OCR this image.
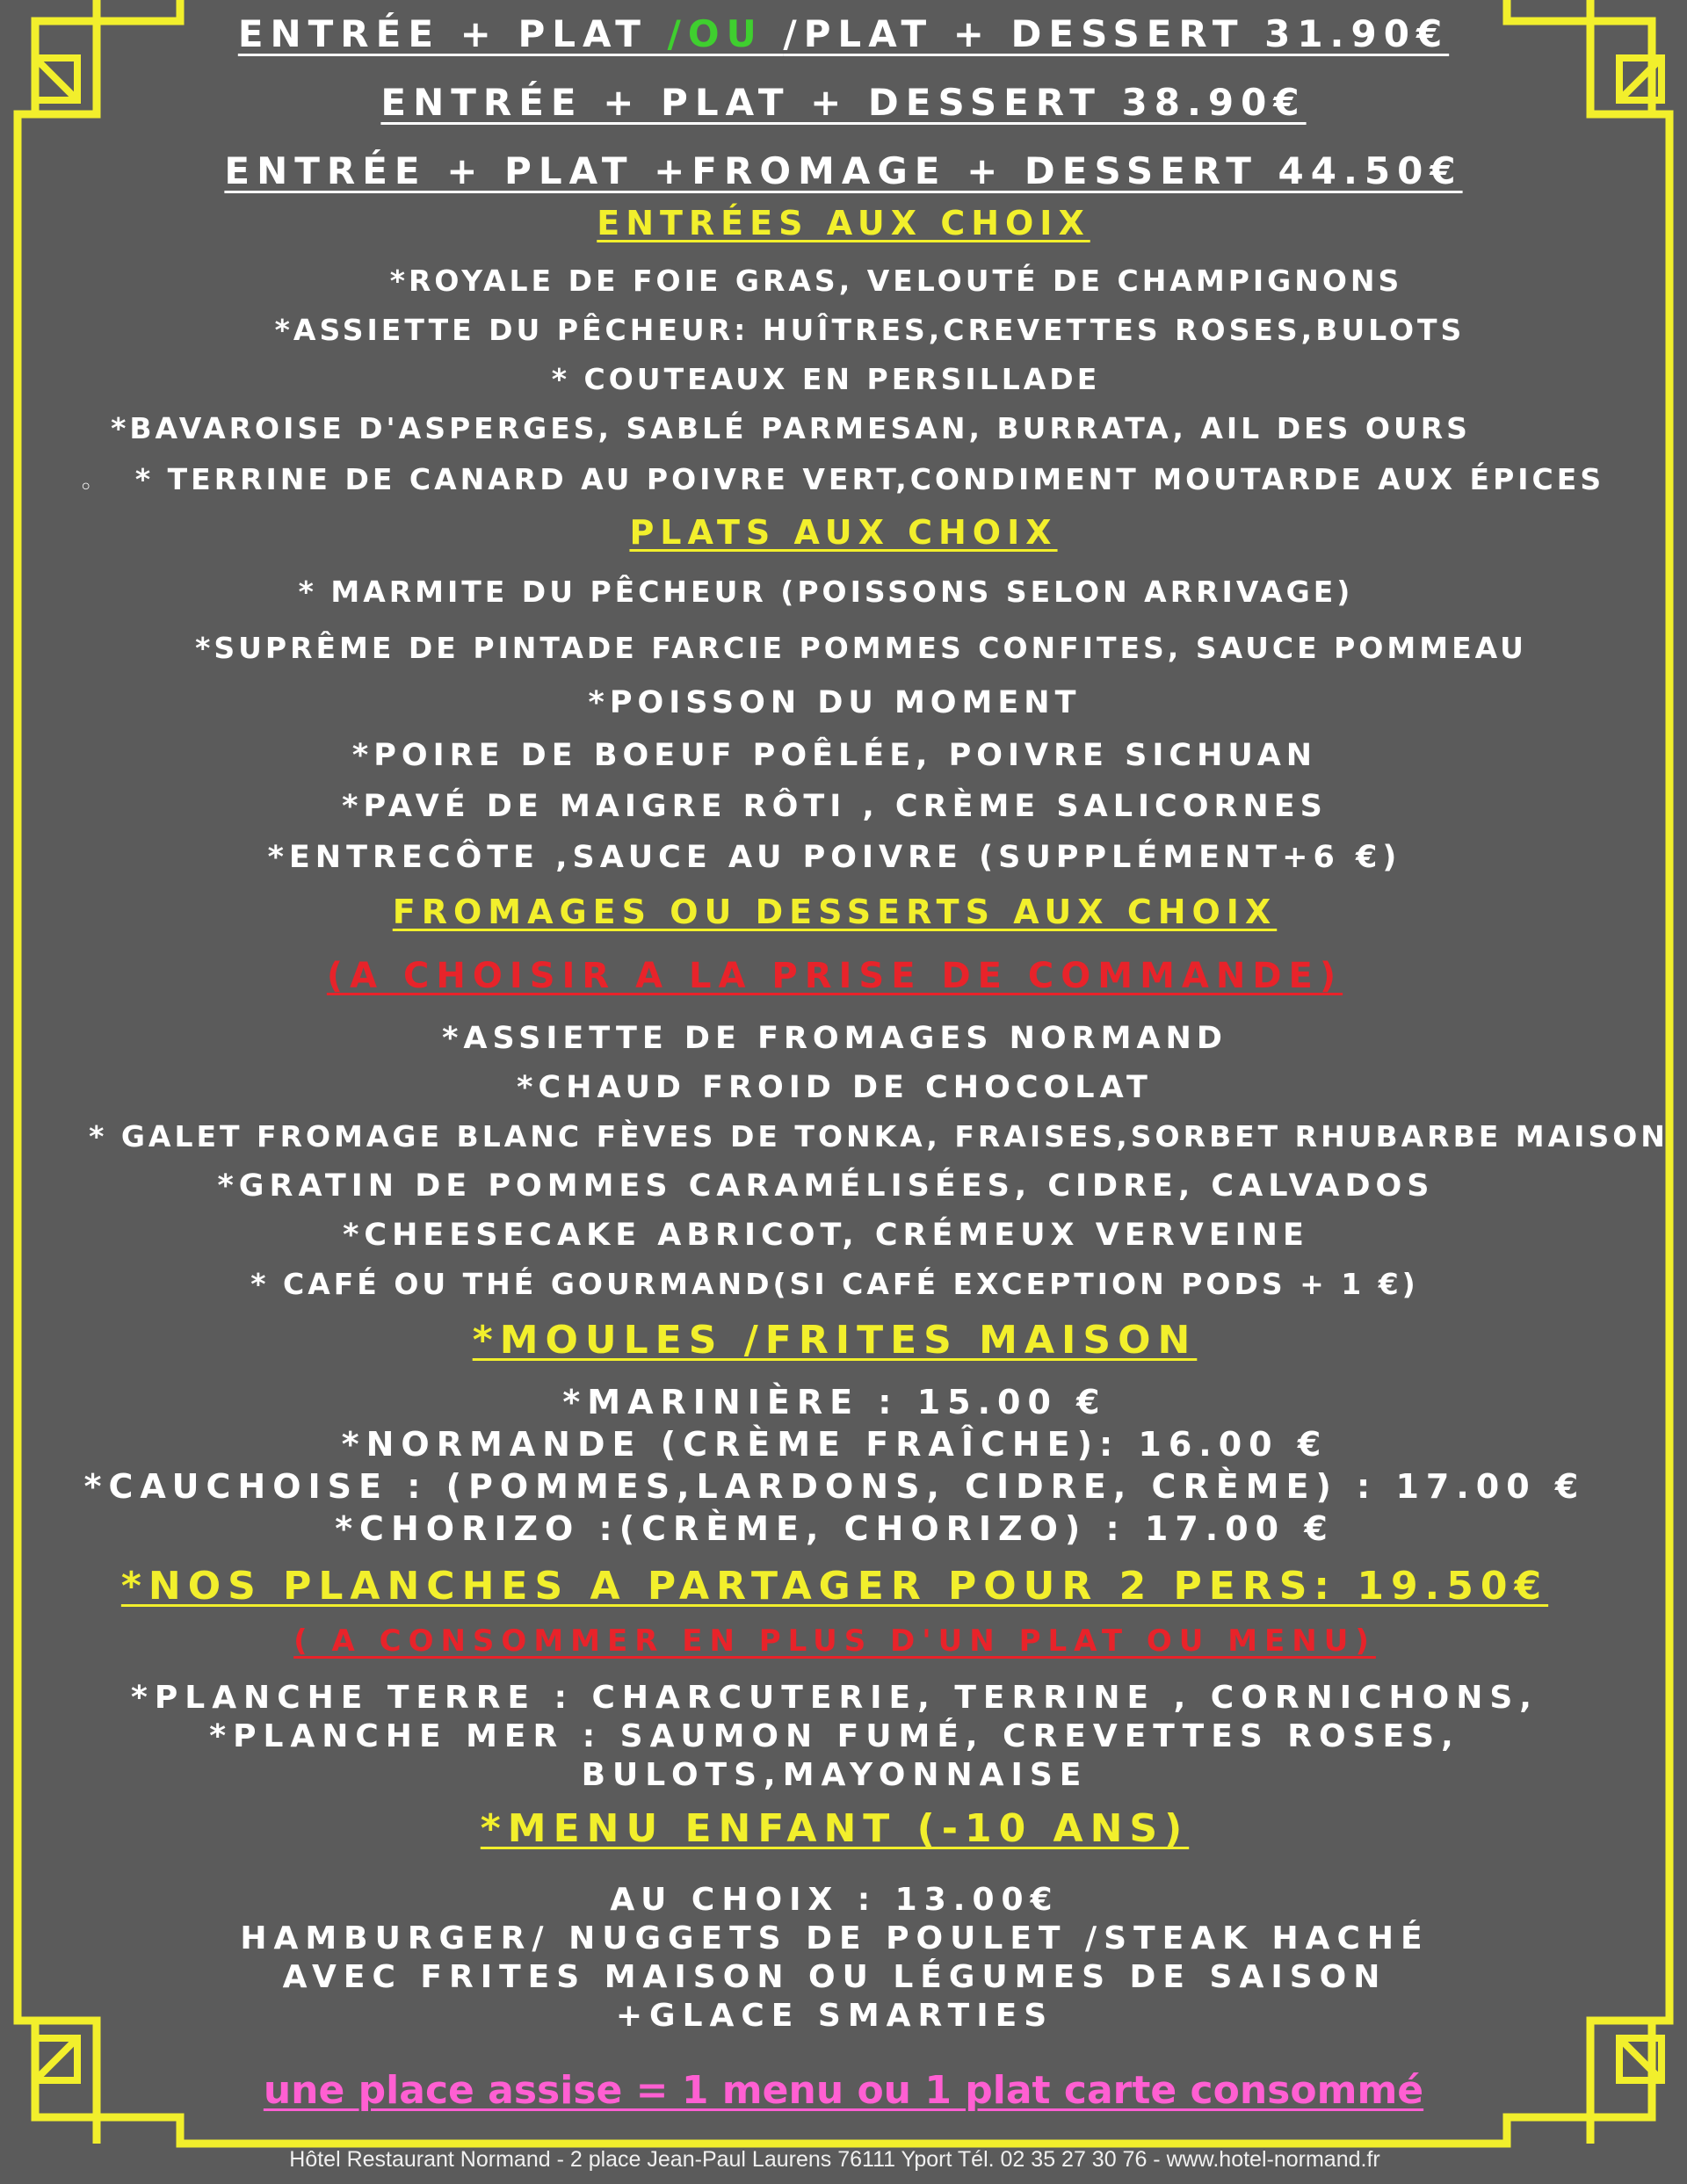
ENTRÉE + PLAT /OU /PLAT + DESSERT 31.90€
ENTRÉE + PLAT + DESSERT 38.90€
ENTRÉE + PLAT +FROMAGE + DESSERT 44.50€
ENTRÉES AUX CHOIX
*ROYALE DE FOIE GRAS, VELOUTÉ DE CHAMPIGNONS
*ASSIETTE DU PÊCHEUR: HUÎTRES,CREVETTES ROSES,BULOTS
* COUTEAUX EN PERSILLADE
*BAVAROISE D'ASPERGES, SABLÉ PARMESAN, BURRATA, AIL DES OURS
◦	* TERRINE DE CANARD AU POIVRE VERT,CONDIMENT MOUTARDE AUX ÉPICES
PLATS AUX CHOIX
* MARMITE DU PÊCHEUR (POISSONS SELON ARRIVAGE)
*SUPRÊME DE PINTADE FARCIE POMMES CONFITES, SAUCE POMMEAU
*POISSON DU MOMENT
*POIRE DE BOEUF POÊLÉE, POIVRE SICHUAN
*PAVÉ DE MAIGRE RÔTI , CRÈME SALICORNES
*ENTRECÔTE ,SAUCE AU POIVRE (SUPPLÉMENT+6 €)
FROMAGES OU DESSERTS AUX CHOIX
(A CHOISIR A LA PRISE DE COMMANDE)
*ASSIETTE DE FROMAGES NORMAND
*CHAUD FROID DE CHOCOLAT
* GALET FROMAGE BLANC FÈVES DE TONKA, FRAISES,SORBET RHUBARBE MAISON
*GRATIN DE POMMES CARAMÉLISÉES, CIDRE, CALVADOS
*CHEESECAKE ABRICOT, CRÉMEUX VERVEINE
* CAFÉ OU THÉ GOURMAND(SI CAFÉ EXCEPTION PODS + 1 €)
*MOULES /FRITES MAISON
*MARINIÈRE : 15.00 €
*NORMANDE (CRÈME FRAÎCHE): 16.00 €
*CAUCHOISE : (POMMES,LARDONS, CIDRE, CRÈME) : 17.00 €
*CHORIZO :(CRÈME, CHORIZO) : 17.00 €
*NOS PLANCHES A PARTAGER POUR 2 PERS: 19.50€
( A CONSOMMER EN PLUS D'UN PLAT OU MENU)
*PLANCHE TERRE : CHARCUTERIE, TERRINE , CORNICHONS,
*PLANCHE MER : SAUMON FUMÉ, CREVETTES ROSES,
BULOTS,MAYONNAISE
*MENU ENFANT (-10 ANS)
AU CHOIX : 13.00€
HAMBURGER/ NUGGETS DE POULET /STEAK HACHÉ
AVEC FRITES MAISON OU LÉGUMES DE SAISON
+GLACE SMARTIES
une place assise = 1 menu ou 1 plat carte consommé
Hôtel Restaurant Normand - 2 place Jean-Paul Laurens 76111 Yport Tél. 02 35 27 30 76 - www.hotel-normand.fr
